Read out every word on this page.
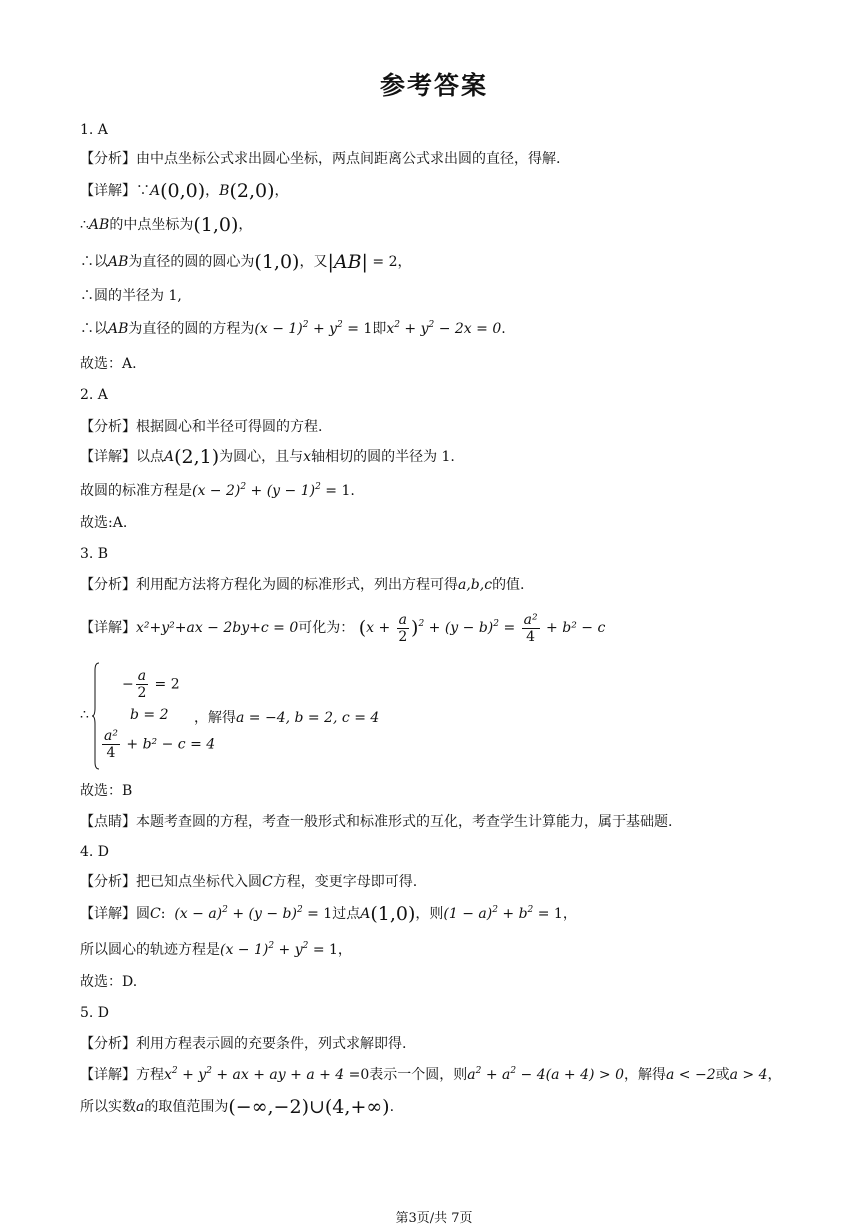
参考答案
1. A
【分析】由中点坐标公式求出圆心坐标，两点间距离公式求出圆的直径，得解.
【详解】∵A(0,0)，B(2,0)，
∴AB的中点坐标为(1,0)，
∴以AB为直径的圆的圆心为(1,0)，又|AB| = 2，
∴圆的半径为 1,
∴以AB为直径的圆的方程为$(x - 1)^2 + y^2 = 1$即$x^2 + y^2 - 2x = 0$.
故选：A.
2. A
【分析】根据圆心和半径可得圆的方程.
【详解】以点A(2,1)为圆心，且与x轴相切的圆的半径为 1.
故圆的标准方程是$(x - 2)^2 + (y - 1)^2 = 1$.
故选:A.
3. B
【分析】利用配方法将方程化为圆的标准形式，列出方程可得a,b,c的值.
【详解】x²+y²+ax − 2by+c = 0可化为： $(x + \frac{a}{2} )^2 + (y - b)^2 = \frac{\text{a²}}{4} + b^2 - c$
∴
− $\frac{a}{2} = 2$
b = 2
$\frac{\text{a²}}{4} + b^2 - c = 4$
，解得a = −4, b = 2, c = 4
故选：B
【点睛】本题考查圆的方程，考查一般形式和标准形式的互化，考查学生计算能力，属于基础题.
4. D
【分析】把已知点坐标代入圆C方程，变更字母即可得.
【详解】圆C: $(x - a)^2 + (y - b)^2 = 1$过点A(1,0)，则$(1 - a)^2 + b^2 = 1$，
所以圆心的轨迹方程是$(x - 1)^2 + y^2 = 1$，
故选：D.
5. D
【分析】利用方程表示圆的充要条件，列式求解即得.
【详解】方程$x^2 + y^2$ + ax + ay + a + 4 =0表示一个圆，则$a^2 + a^2 - 4(a + 4) > 0$，解得a < −2或a > 4，
所以实数a的取值范围为(−∞,−2)∪(4,+∞).
第3页/共 7页
